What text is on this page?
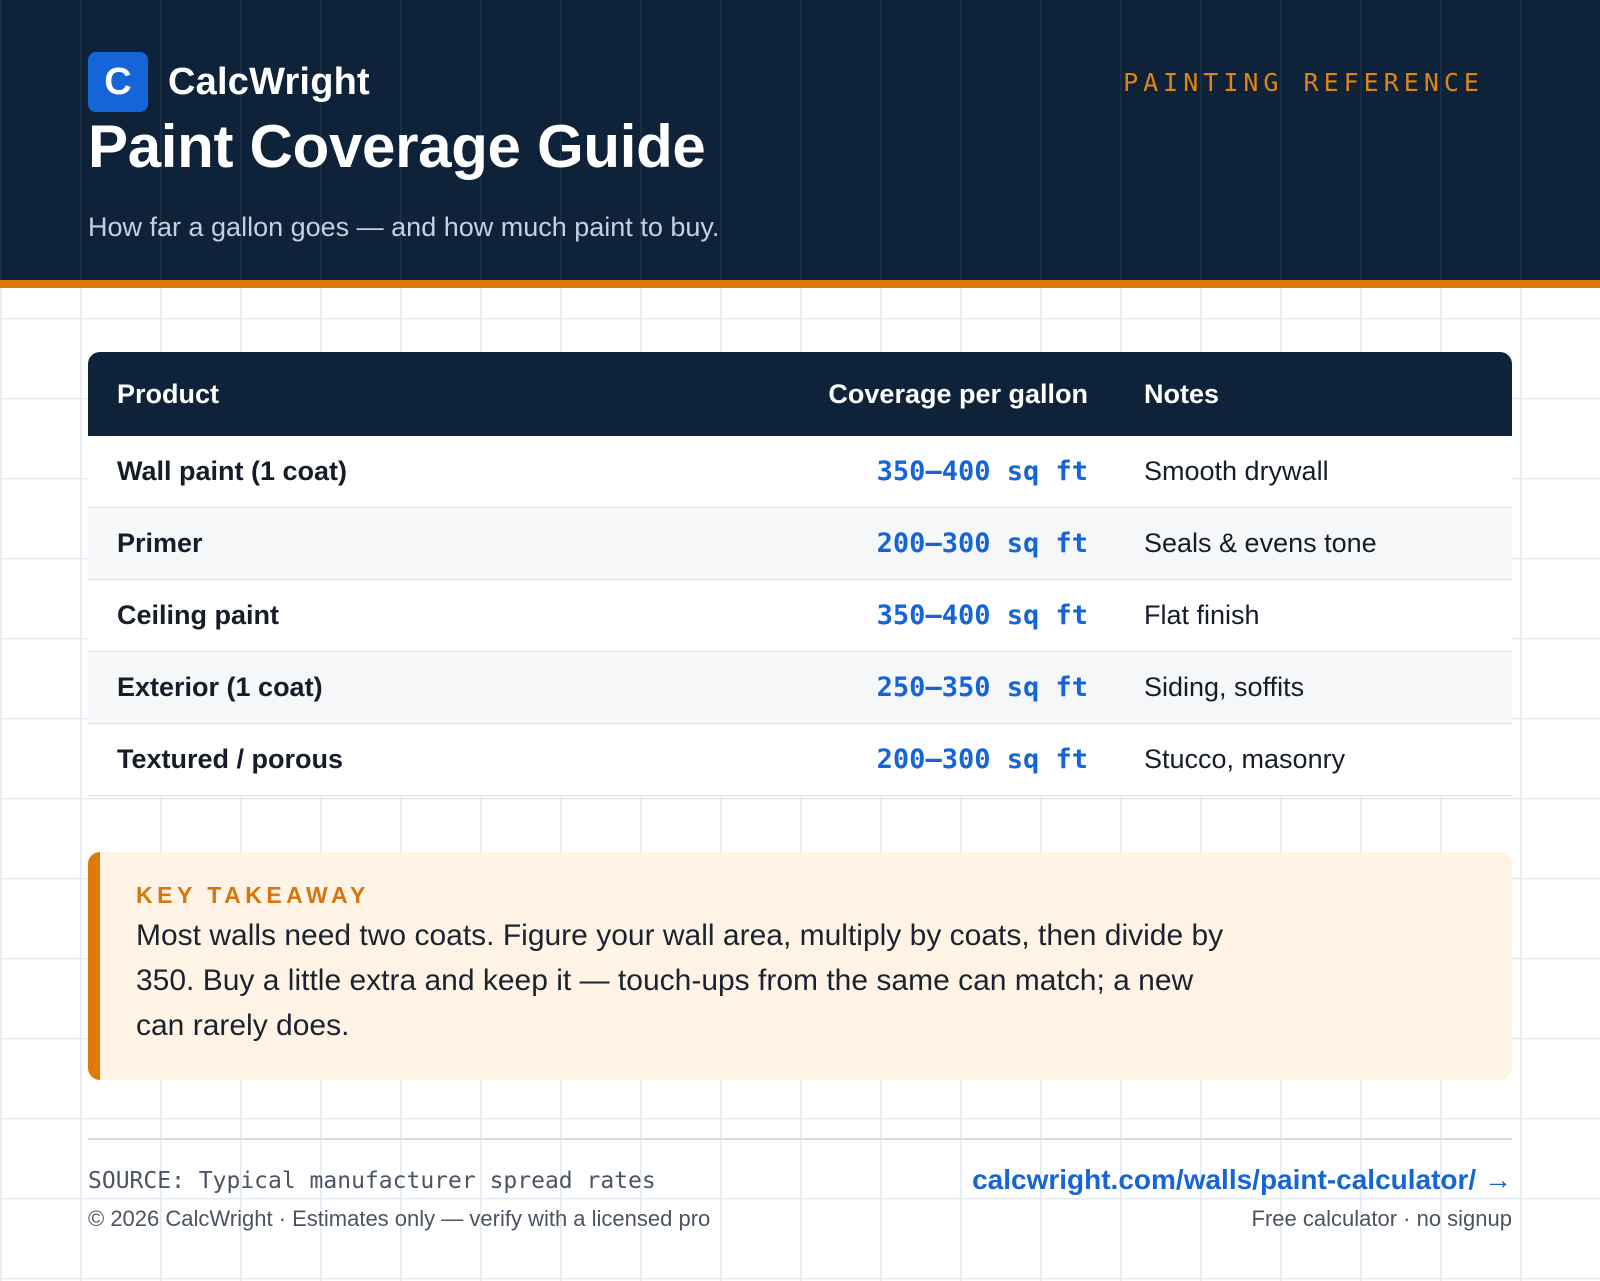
C CalcWright	PAINTING REFERENCE
Paint Coverage Guide

How far a gallon goes — and how much paint to buy.

Product	Coverage per gallon	Notes
Wall paint (1 coat)	350–400 sq ft	Smooth drywall
Primer	200–300 sq ft	Seals & evens tone
Ceiling paint	350–400 sq ft	Flat finish
Exterior (1 coat)	250–350 sq ft	Siding, soffits
Textured / porous	200–300 sq ft	Stucco, masonry
KEY TAKEAWAY

Most walls need two coats. Figure your wall area, multiply by coats, then divide by 350. Buy a little extra and keep it — touch-ups from the same can match; a new can rarely does.

SOURCE: Typical manufacturer spread rates
© 2026 CalcWright · Estimates only — verify with a licensed pro
calcwright.com/walls/paint-calculator/ →
Free calculator · no signup
